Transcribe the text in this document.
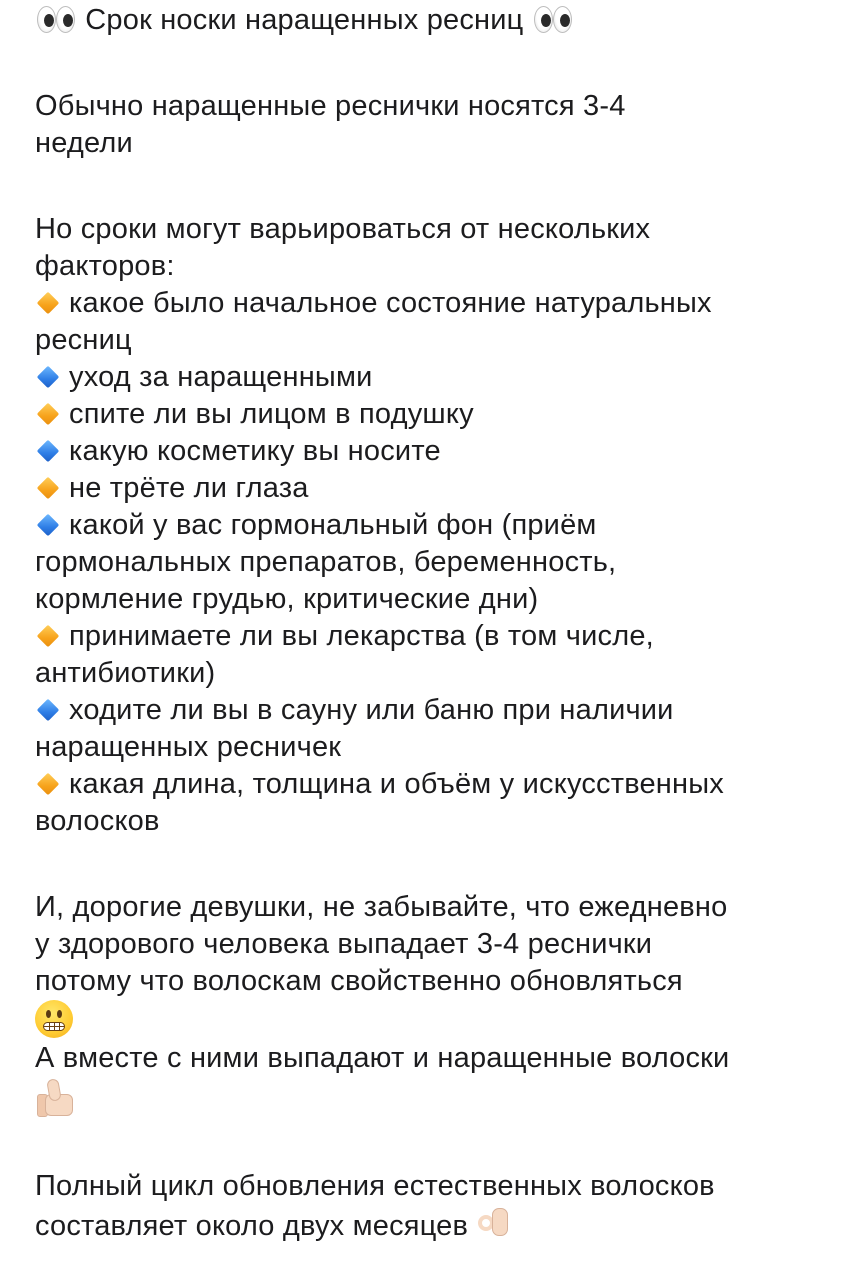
Срок носки наращенных ресниц
Обычно наращенные реснички носятся 3-4
недели
Но сроки могут варьироваться от нескольких
факторов:
какое было начальное состояние натуральных
ресниц
уход за наращенными
спите ли вы лицом в подушку
какую косметику вы носите
не трёте ли глаза
какой у вас гормональный фон (приём
гормональных препаратов, беременность,
кормление грудью, критические дни)
принимаете ли вы лекарства (в том числе,
антибиотики)
ходите ли вы в сауну или баню при наличии
наращенных ресничек
какая длина, толщина и объём у искусственных
волосков
И, дорогие девушки, не забывайте, что ежедневно
у здорового человека выпадает 3-4 реснички
потому что волоскам свойственно обновляться
А вместе с ними выпадают и наращенные волоски
Полный цикл обновления естественных волосков
составляет около двух месяцев
